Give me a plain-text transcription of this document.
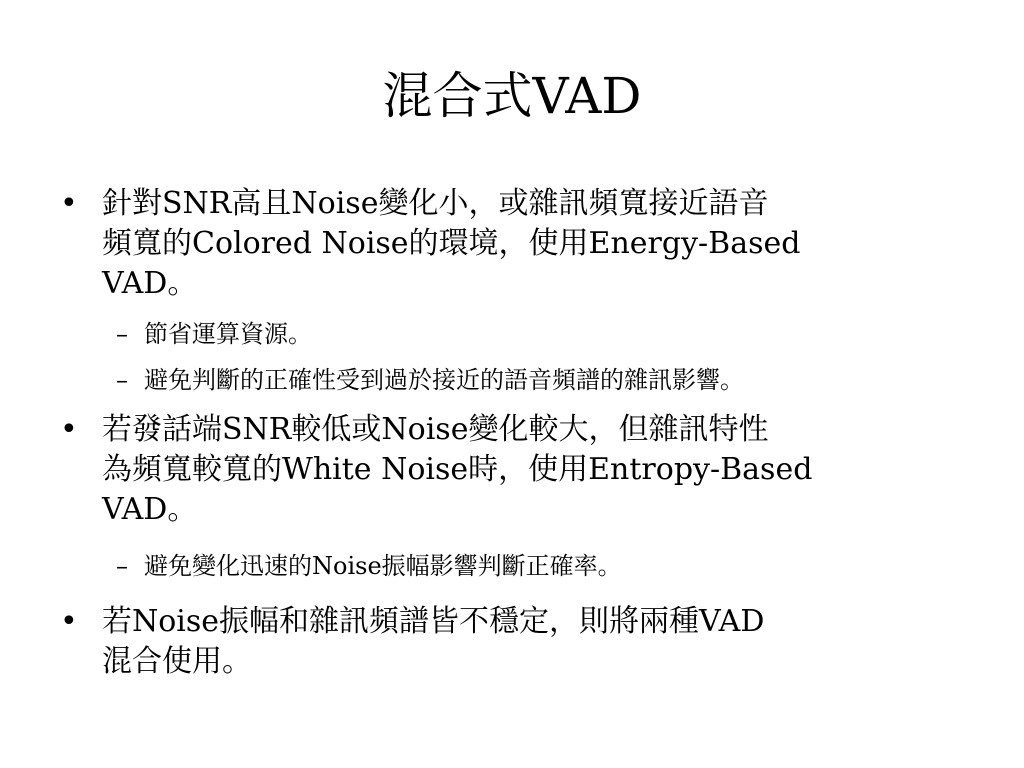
混合式VAD
• 針對SNR高且Noise變化小，或雜訊頻寬接近語音
頻寬的Colored Noise的環境，使用Energy-Based
VAD。
– 節省運算資源。
– 避免判斷的正確性受到過於接近的語音頻譜的雜訊影響。
• 若發話端SNR較低或Noise變化較大，但雜訊特性
為頻寬較寬的White Noise時，使用Entropy-Based
VAD。
– 避免變化迅速的Noise振幅影響判斷正確率。
• 若Noise振幅和雜訊頻譜皆不穩定，則將兩種VAD
混合使用。
